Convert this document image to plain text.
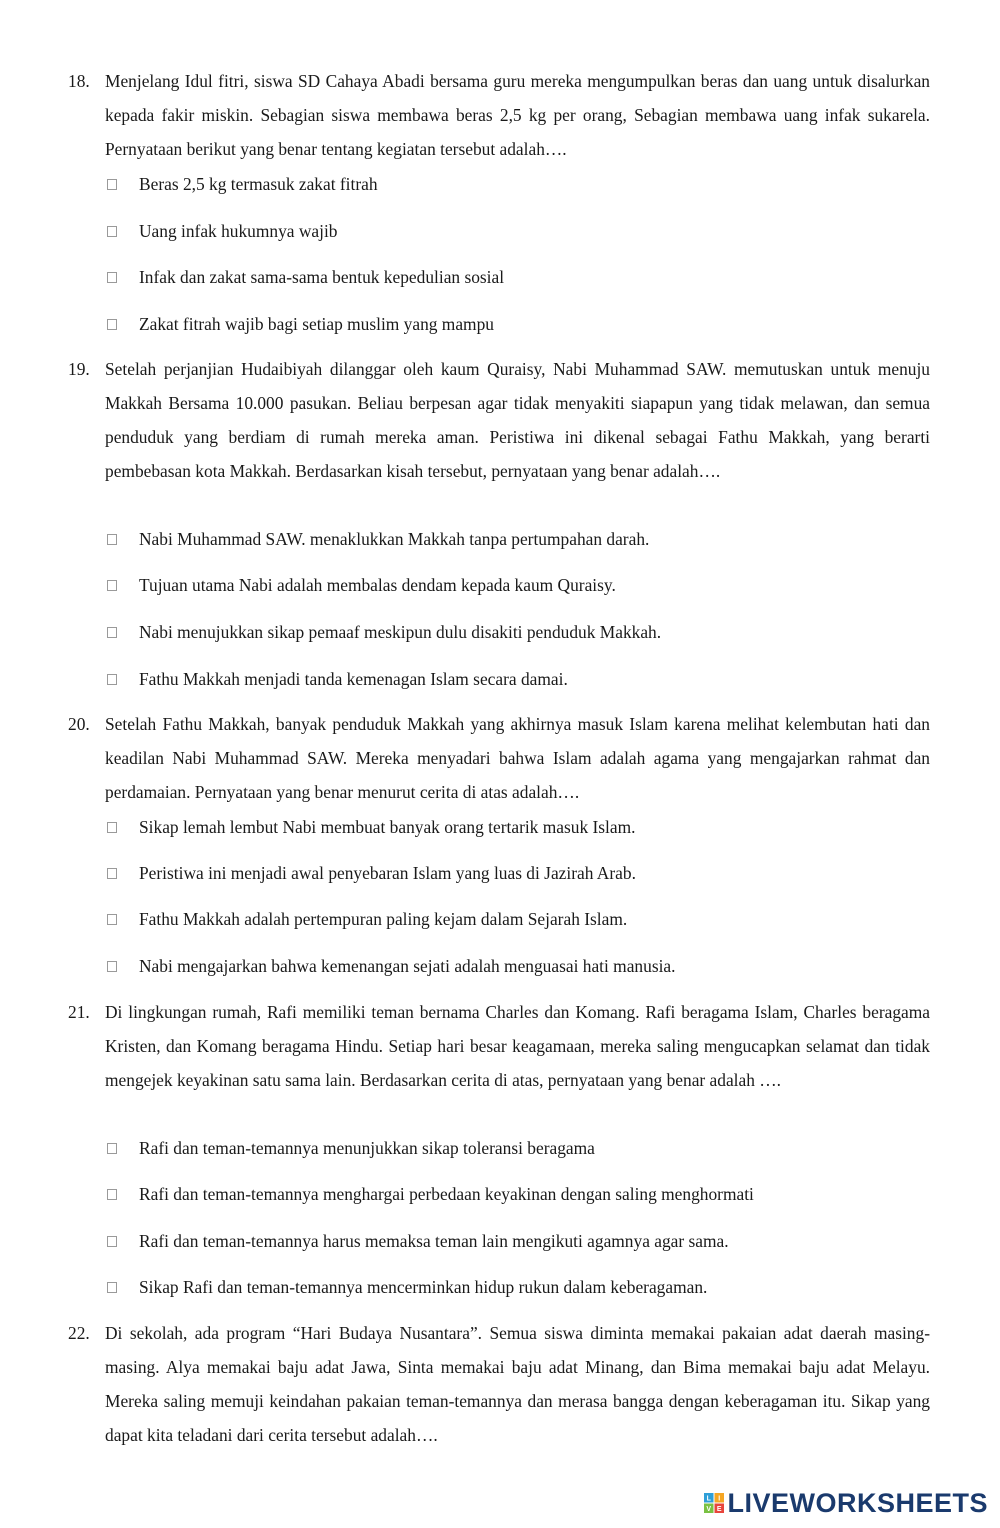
18. Menjelang Idul fitri, siswa SD Cahaya Abadi bersama guru mereka mengumpulkan beras dan uang untuk disalurkan kepada fakir miskin. Sebagian siswa membawa beras 2,5 kg per orang, Sebagian membawa uang infak sukarela. Pernyataan berikut yang benar tentang kegiatan tersebut adalah….
Beras 2,5 kg termasuk zakat fitrah
Uang infak hukumnya wajib
Infak dan zakat sama-sama bentuk kepedulian sosial
Zakat fitrah wajib bagi setiap muslim yang mampu
19. Setelah perjanjian Hudaibiyah dilanggar oleh kaum Quraisy, Nabi Muhammad SAW. memutuskan untuk menuju Makkah Bersama 10.000 pasukan. Beliau berpesan agar tidak menyakiti siapapun yang tidak melawan, dan semua penduduk yang berdiam di rumah mereka aman. Peristiwa ini dikenal sebagai Fathu Makkah, yang berarti pembebasan kota Makkah. Berdasarkan kisah tersebut, pernyataan yang benar adalah….
Nabi Muhammad SAW. menaklukkan Makkah tanpa pertumpahan darah.
Tujuan utama Nabi adalah membalas dendam kepada kaum Quraisy.
Nabi menujukkan sikap pemaaf meskipun dulu disakiti penduduk Makkah.
Fathu Makkah menjadi tanda kemenagan Islam secara damai.
20. Setelah Fathu Makkah, banyak penduduk Makkah yang akhirnya masuk Islam karena melihat kelembutan hati dan keadilan Nabi Muhammad SAW. Mereka menyadari bahwa Islam adalah agama yang mengajarkan rahmat dan perdamaian. Pernyataan yang benar menurut cerita di atas adalah….
Sikap lemah lembut Nabi membuat banyak orang tertarik masuk Islam.
Peristiwa ini menjadi awal penyebaran Islam yang luas di Jazirah Arab.
Fathu Makkah adalah pertempuran paling kejam dalam Sejarah Islam.
Nabi mengajarkan bahwa kemenangan sejati adalah menguasai hati manusia.
21. Di lingkungan rumah, Rafi memiliki teman bernama Charles dan Komang. Rafi beragama Islam, Charles beragama Kristen, dan Komang beragama Hindu. Setiap hari besar keagamaan, mereka saling mengucapkan selamat dan tidak mengejek keyakinan satu sama lain. Berdasarkan cerita di atas, pernyataan yang benar adalah ….
Rafi dan teman-temannya menunjukkan sikap toleransi beragama
Rafi dan teman-temannya menghargai perbedaan keyakinan dengan saling menghormati
Rafi dan teman-temannya harus memaksa teman lain mengikuti agamnya agar sama.
Sikap Rafi dan teman-temannya mencerminkan hidup rukun dalam keberagaman.
22. Di sekolah, ada program “Hari Budaya Nusantara”. Semua siswa diminta memakai pakaian adat daerah masing-masing. Alya memakai baju adat Jawa, Sinta memakai baju adat Minang, dan Bima memakai baju adat Melayu. Mereka saling memuji keindahan pakaian teman-temannya dan merasa bangga dengan keberagaman itu. Sikap yang dapat kita teladani dari cerita tersebut adalah….
L I
V E LIVEWORKSHEETS
